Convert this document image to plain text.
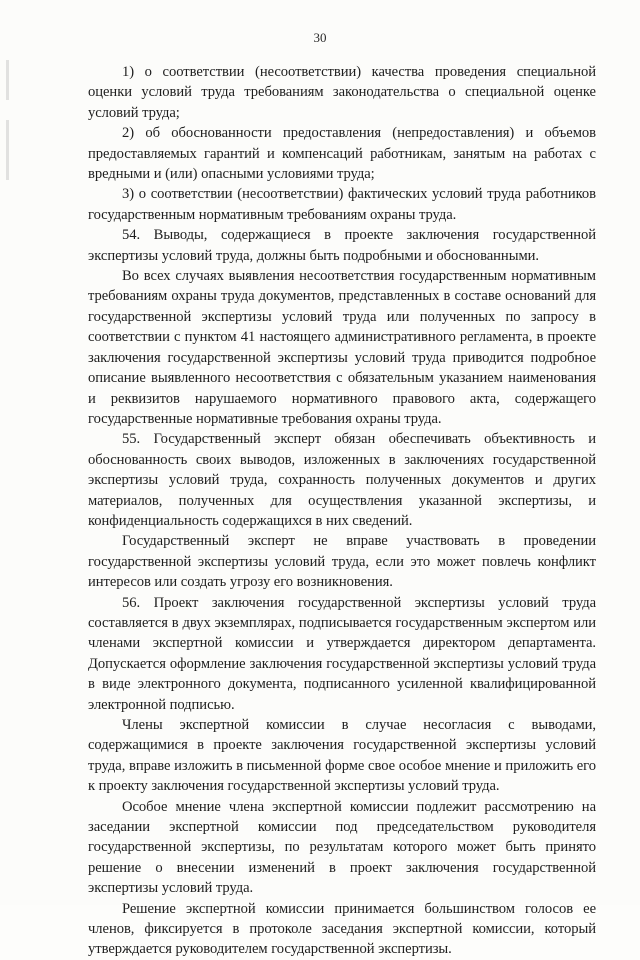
30

1) о соответствии (несоответствии) качества проведения специальной оценки условий труда требованиям законодательства о специальной оценке условий труда;

2) об обоснованности предоставления (непредоставления) и объемов предоставляемых гарантий и компенсаций работникам, занятым на работах с вредными и (или) опасными условиями труда;

3) о соответствии (несоответствии) фактических условий труда работников государственным нормативным требованиям охраны труда.

54. Выводы, содержащиеся в проекте заключения государственной экспертизы условий труда, должны быть подробными и обоснованными.

Во всех случаях выявления несоответствия государственным нормативным требованиям охраны труда документов, представленных в составе оснований для государственной экспертизы условий труда или полученных по запросу в соответствии с пунктом 41 настоящего административного регламента, в проекте заключения государственной экспертизы условий труда приводится подробное описание выявленного несоответствия с обязательным указанием наименования и реквизитов нарушаемого нормативного правового акта, содержащего государственные нормативные требования охраны труда.

55. Государственный эксперт обязан обеспечивать объективность и обоснованность своих выводов, изложенных в заключениях государственной экспертизы условий труда, сохранность полученных документов и других материалов, полученных для осуществления указанной экспертизы, и конфиденциальность содержащихся в них сведений.

Государственный эксперт не вправе участвовать в проведении государственной экспертизы условий труда, если это может повлечь конфликт интересов или создать угрозу его возникновения.

56. Проект заключения государственной экспертизы условий труда составляется в двух экземплярах, подписывается государственным экспертом или членами экспертной комиссии и утверждается директором департамента. Допускается оформление заключения государственной экспертизы условий труда в виде электронного документа, подписанного усиленной квалифицированной электронной подписью.

Члены экспертной комиссии в случае несогласия с выводами, содержащимися в проекте заключения государственной экспертизы условий труда, вправе изложить в письменной форме свое особое мнение и приложить его к проекту заключения государственной экспертизы условий труда.

Особое мнение члена экспертной комиссии подлежит рассмотрению на заседании экспертной комиссии под председательством руководителя государственной экспертизы, по результатам которого может быть принято решение о внесении изменений в проект заключения государственной экспертизы условий труда.

Решение экспертной комиссии принимается большинством голосов ее членов, фиксируется в протоколе заседания экспертной комиссии, который утверждается руководителем государственной экспертизы.
